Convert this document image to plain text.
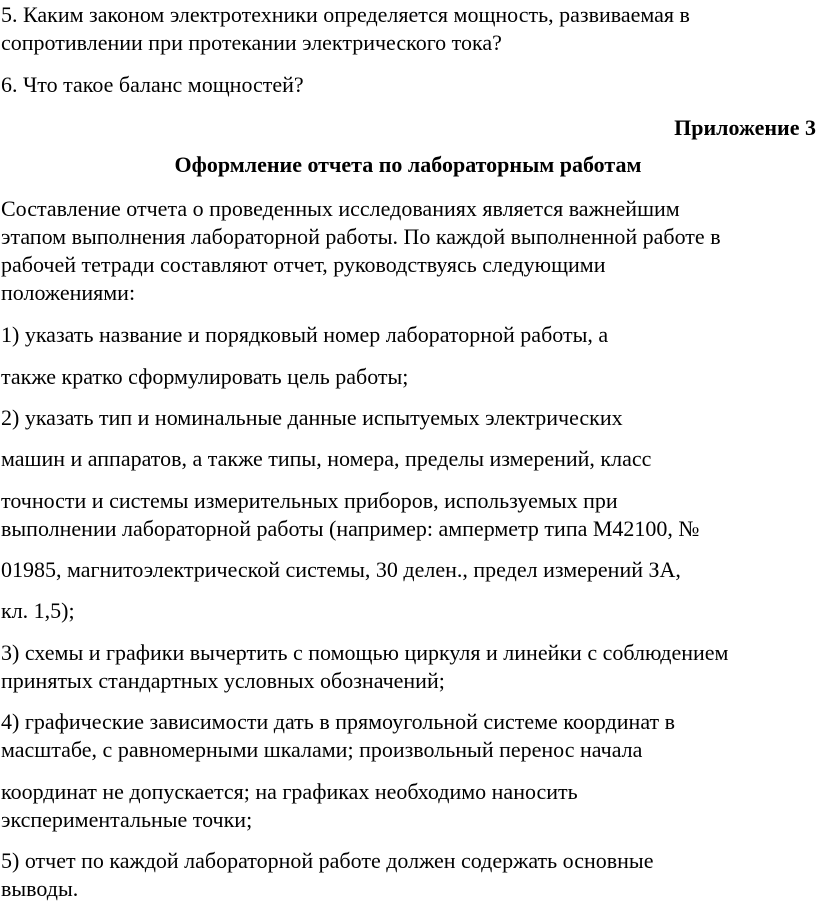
5. Каким законом электротехники определяется мощность, развиваемая в
сопротивлении при протекании электрического тока?
6. Что такое баланс мощностей?
Приложение 3
Оформление отчета по лабораторным работам
Составление отчета о проведенных исследованиях является важнейшим
этапом выполнения лабораторной работы. По каждой выполненной работе в
рабочей тетради составляют отчет, руководствуясь следующими
положениями:
1) указать название и порядковый номер лабораторной работы, а
также кратко сформулировать цель работы;
2) указать тип и номинальные данные испытуемых электрических
машин и аппаратов, а также типы, номера, пределы измерений, класс
точности и системы измерительных приборов, используемых при
выполнении лабораторной работы (например: амперметр типа М42100, №
01985, магнитоэлектрической системы, 30 делен., предел измерений ЗА,
кл. 1,5);
3) схемы и графики вычертить с помощью циркуля и линейки с соблюдением
принятых стандартных условных обозначений;
4) графические зависимости дать в прямоугольной системе координат в
масштабе, с равномерными шкалами; произвольный перенос начала
координат не допускается; на графиках необходимо наносить
экспериментальные точки;
5) отчет по каждой лабораторной работе должен содержать основные
выводы.
